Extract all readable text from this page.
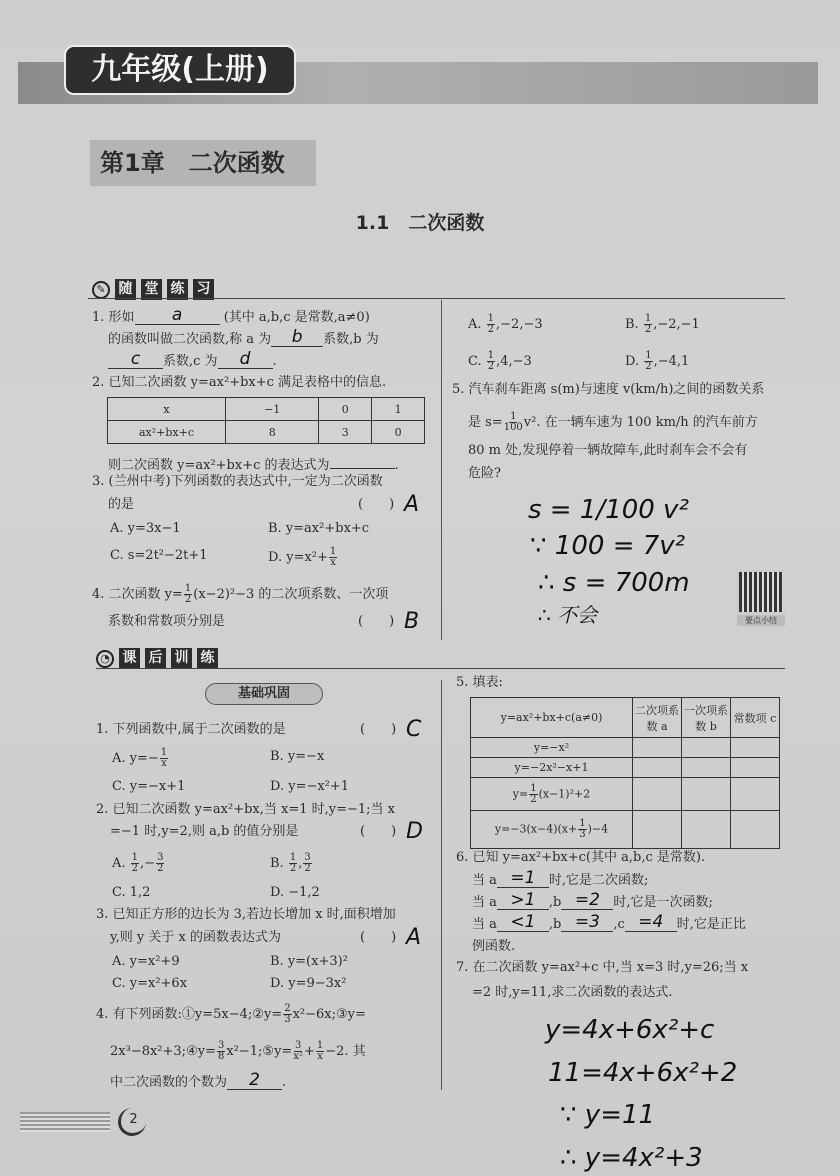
九年级(上册)
第1章　二次函数
1.1　二次函数
✎ 随 堂 练 习
1. 形如 a	(其中 a,b,c 是常数,a≠0)
的函数叫做二次函数,称 a 为 b 系数,b 为
c 系数,c 为 d .
2. 已知二次函数 y=ax²+bx+c 满足表格中的信息.
x	−1	0	1
ax²+bx+c	8	3	0
则二次函数 y=ax²+bx+c 的表达式为	.
3. (兰州中考)下列函数的表达式中,一定为二次函数
的是	(　　) A
A. y=3x−1	B. y=ax²+bx+c
C. s=2t²−2t+1	D. $y=x^2+ \frac{1}{x}$
4. 二次函数 $y= \frac{1}{2} (x-2)^2-3$ 的二次项系数、一次项
系数和常数项分别是	(　　) B
A. $\frac{1}{2} ,-2,-3$	B. $\frac{1}{2} ,-2,-1$
C. $\frac{1}{2} ,4,-3$	D. $\frac{1}{2} ,-4,1$
5. 汽车刹车距离 s(m)与速度 v(km/h)之间的函数关系
是 $s= \frac{1}{100} v^2$. 在一辆车速为 100 km/h 的汽车前方
80 m 处,发现停着一辆故障车,此时刹车会不会有
危险?
s = 1/100 v²
∵ 100 = 7v²
∴ s = 700m
∴ 不会	要点小结
◔ 课 后 训 练
基础巩固
1. 下列函数中,属于二次函数的是	(　　) C
A. $y=- \frac{1}{x}$	B. y=−x
C. y=−x+1	D. y=−x²+1
2. 已知二次函数 y=ax²+bx,当 x=1 时,y=−1;当 x
=−1 时,y=2,则 a,b 的值分别是	(　　) D
A. $\frac{1}{2}$ ,− $\frac{3}{2}$	B. $\frac{1}{2}$ , $\frac{3}{2}$
C. 1,2	D. −1,2
3. 已知正方形的边长为 3,若边长增加 x 时,面积增加
y,则 y 关于 x 的函数表达式为	(　　) A
A. y=x²+9	B. y=(x+3)²
C. y=x²+6x	D. y=9−3x²
4. 有下列函数:①y=5x−4;②y= $\frac{2}{3}$ x²−6x;③y=
2x³−8x²+3;④y= $\frac{3}{8}$ x²−1;⑤y= $\frac{3}{\text{x²}} + \frac{1}{x} -2$. 其
中二次函数的个数为 2 .
5. 填表:
y=ax²+bx+c(a≠0)	二次项系数 a	一次项系数 b	常数项 c
y=−x²			
y=−2x²−x+1			
$y= \frac{1}{2} (x-1)^2+2$			
$y=-3(x-4)(x+ \frac{1}{3} )-4$			
6. 已知 y=ax²+bx+c(其中 a,b,c 是常数).
当 a =1 时,它是二次函数;
当 a >1 ,b =2 时,它是一次函数;
当 a <1 ,b =3 ,c =4 时,它是正比
例函数.
7. 在二次函数 y=ax²+c 中,当 x=3 时,y=26;当 x
=2 时,y=11,求二次函数的表达式.
y=4x+6x²+c
11=4x+6x²+2
∵ y=11
∴ y=4x²+3
2
